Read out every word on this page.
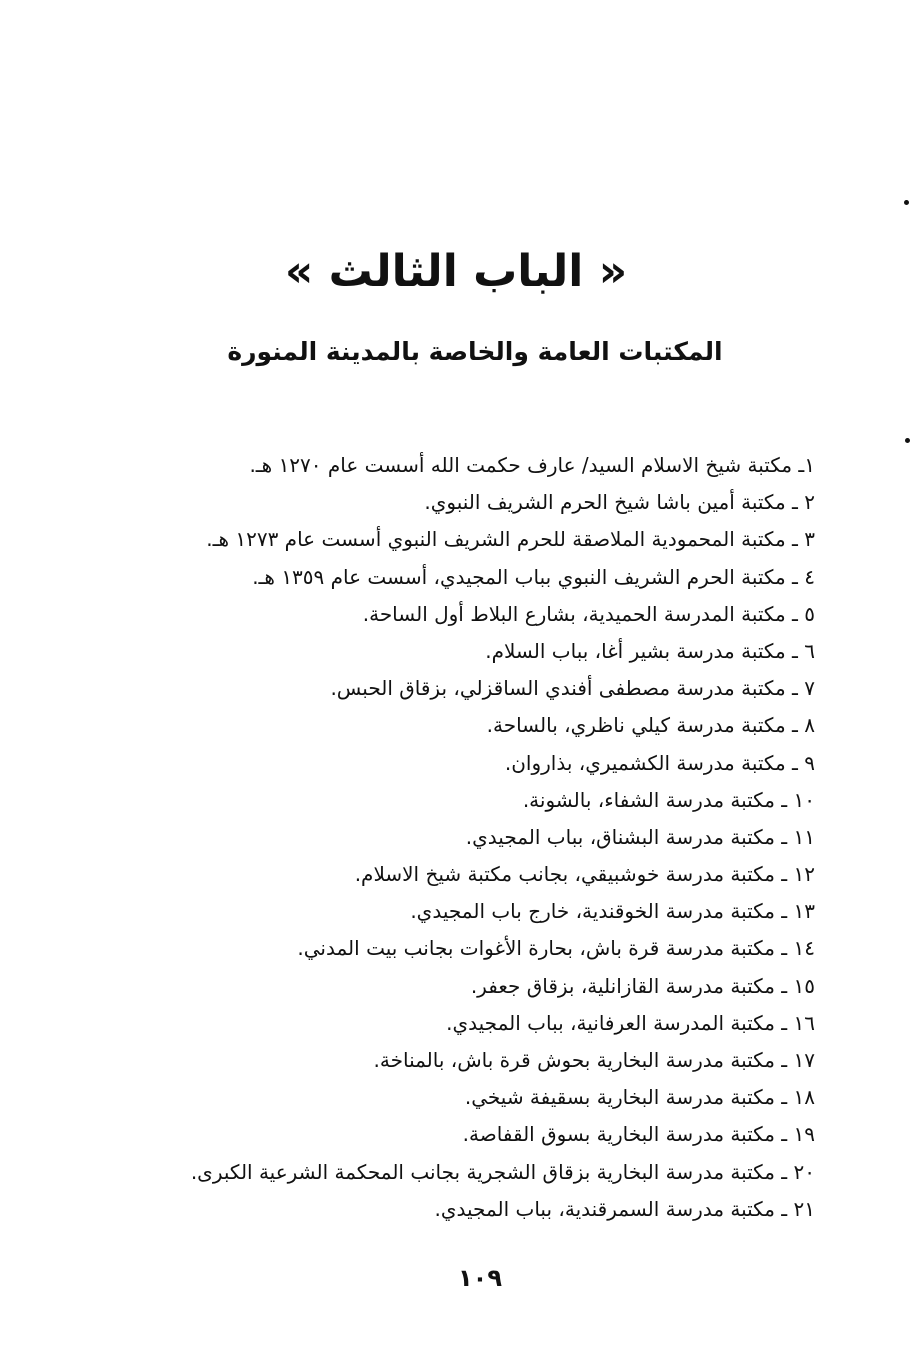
« الباب الثالث »
المكتبات العامة والخاصة بالمدينة المنورة
١ـ مكتبة شيخ الاسلام السيد/ عارف حكمت الله أسست عام ١٢٧٠ هـ.
٢ ـ مكتبة أمين باشا شيخ الحرم الشريف النبوي.
٣ ـ مكتبة المحمودية الملاصقة للحرم الشريف النبوي أسست عام ١٢٧٣ هـ.
٤ ـ مكتبة الحرم الشريف النبوي بباب المجيدي، أسست عام ١٣٥٩ هـ.
٥ ـ مكتبة المدرسة الحميدية، بشارع البلاط أول الساحة.
٦ ـ مكتبة مدرسة بشير أغا، بباب السلام.
٧ ـ مكتبة مدرسة مصطفى أفندي الساقزلي، بزقاق الحبس.
٨ ـ مكتبة مدرسة كيلي ناظري، بالساحة.
٩ ـ مكتبة مدرسة الكشميري، بذاروان.
١٠ ـ مكتبة مدرسة الشفاء، بالشونة.
١١ ـ مكتبة مدرسة البشناق، بباب المجيدي.
١٢ ـ مكتبة مدرسة خوشبيقي، بجانب مكتبة شيخ الاسلام.
١٣ ـ مكتبة مدرسة الخوقندية، خارج باب المجيدي.
١٤ ـ مكتبة مدرسة قرة باش، بحارة الأغوات بجانب بيت المدني.
١٥ ـ مكتبة مدرسة القازانلية، بزقاق جعفر.
١٦ ـ مكتبة المدرسة العرفانية، بباب المجيدي.
١٧ ـ مكتبة مدرسة البخارية بحوش قرة باش، بالمناخة.
١٨ ـ مكتبة مدرسة البخارية بسقيفة شيخي.
١٩ ـ مكتبة مدرسة البخارية بسوق القفاصة.
٢٠ ـ مكتبة مدرسة البخارية بزقاق الشجرية بجانب المحكمة الشرعية الكبرى.
٢١ ـ مكتبة مدرسة السمرقندية، بباب المجيدي.
١٠٩
